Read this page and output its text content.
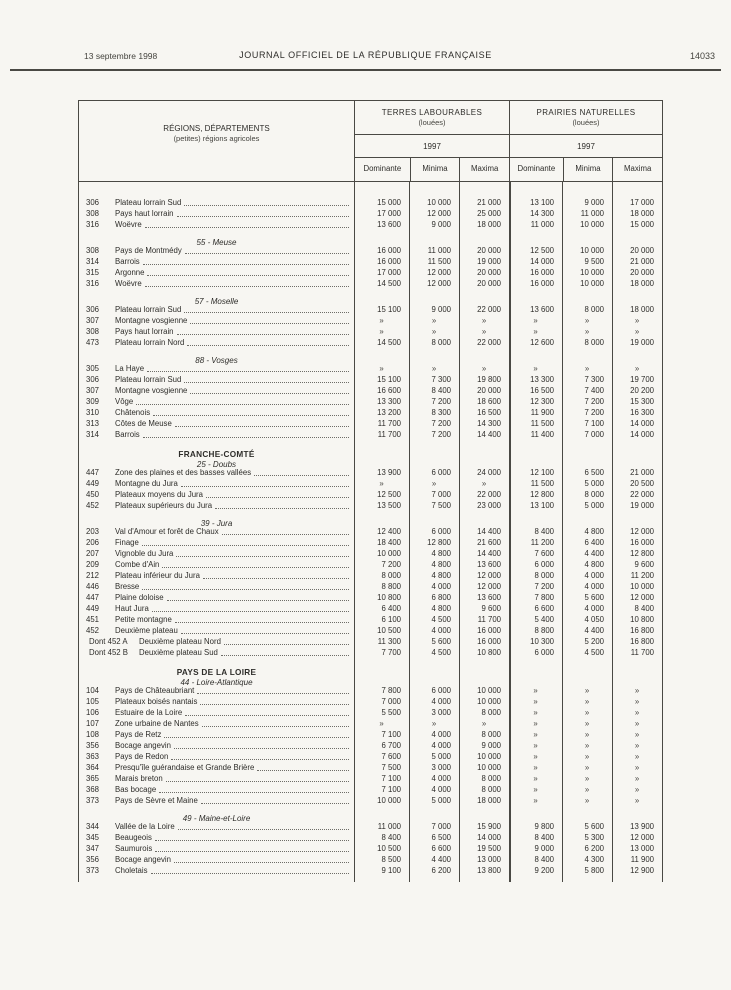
13 septembre 1998	JOURNAL OFFICIEL DE LA RÉPUBLIQUE FRANÇAISE	14033
RÉGIONS, DÉPARTEMENTS
(petites) régions agricoles
TERRES LABOURABLES
(louées)
1997
Dominante	Minima	Maxima
PRAIRIES NATURELLES
(louées)
1997
Dominante	Minima	Maxima
306	Plateau lorrain Sud	15 000	10 000	21 000	13 100	9 000	17 000
308	Pays haut lorrain	17 000	12 000	25 000	14 300	11 000	18 000
316	Woëvre	13 600	9 000	18 000	11 000	10 000	15 000
55 - Meuse
308	Pays de Montmédy	16 000	11 000	20 000	12 500	10 000	20 000
314	Barrois	16 000	11 500	19 000	14 000	9 500	21 000
315	Argonne	17 000	12 000	20 000	16 000	10 000	20 000
316	Woëvre	14 500	12 000	20 000	16 000	10 000	18 000
57 - Moselle
306	Plateau lorrain Sud	15 100	9 000	22 000	13 600	8 000	18 000
307	Montagne vosgienne	»	»	»	»	»	»
308	Pays haut lorrain	»	»	»	»	»	»
473	Plateau lorrain Nord	14 500	8 000	22 000	12 600	8 000	19 000
88 - Vosges
305	La Haye	»	»	»	»	»	»
306	Plateau lorrain Sud	15 100	7 300	19 800	13 300	7 300	19 700
307	Montagne vosgienne	16 600	8 400	20 000	16 500	7 400	20 200
309	Vôge	13 300	7 200	18 600	12 300	7 200	15 300
310	Châtenois	13 200	8 300	16 500	11 900	7 200	16 300
313	Côtes de Meuse	11 700	7 200	14 300	11 500	7 100	14 000
314	Barrois	11 700	7 200	14 400	11 400	7 000	14 000
FRANCHE-COMTÉ
25 - Doubs
447	Zone des plaines et des basses vallées	13 900	6 000	24 000	12 100	6 500	21 000
449	Montagne du Jura	»	»	»	11 500	5 000	20 500
450	Plateaux moyens du Jura	12 500	7 000	22 000	12 800	8 000	22 000
452	Plateaux supérieurs du Jura	13 500	7 500	23 000	13 100	5 000	19 000
39 - Jura
203	Val d'Amour et forêt de Chaux	12 400	6 000	14 400	8 400	4 800	12 000
206	Finage	18 400	12 800	21 600	11 200	6 400	16 000
207	Vignoble du Jura	10 000	4 800	14 400	7 600	4 400	12 800
209	Combe d'Ain	7 200	4 800	13 600	6 000	4 800	9 600
212	Plateau inférieur du Jura	8 000	4 800	12 000	8 000	4 000	11 200
446	Bresse	8 800	4 000	12 000	7 200	4 000	10 000
447	Plaine doloise	10 800	6 800	13 600	7 800	5 600	12 000
449	Haut Jura	6 400	4 800	9 600	6 600	4 000	8 400
451	Petite montagne	6 100	4 500	11 700	5 400	4 050	10 800
452	Deuxième plateau	10 500	4 000	16 000	8 800	4 400	16 800
Dont 452 A	Deuxième plateau Nord	11 300	5 600	16 000	10 300	5 200	16 800
Dont 452 B	Deuxième plateau Sud	7 700	4 500	10 800	6 000	4 500	11 700
PAYS DE LA LOIRE
44 - Loire-Atlantique
104	Pays de Châteaubriant	7 800	6 000	10 000	»	»	»
105	Plateaux boisés nantais	7 000	4 000	10 000	»	»	»
106	Estuaire de la Loire	5 500	3 000	8 000	»	»	»
107	Zone urbaine de Nantes	»	»	»	»	»	»
108	Pays de Retz	7 100	4 000	8 000	»	»	»
356	Bocage angevin	6 700	4 000	9 000	»	»	»
363	Pays de Redon	7 600	5 000	10 000	»	»	»
364	Presqu'île guérandaise et Grande Brière	7 500	3 000	10 000	»	»	»
365	Marais breton	7 100	4 000	8 000	»	»	»
368	Bas bocage	7 100	4 000	8 000	»	»	»
373	Pays de Sèvre et Maine	10 000	5 000	18 000	»	»	»
49 - Maine-et-Loire
344	Vallée de la Loire	11 000	7 000	15 900	9 800	5 600	13 900
345	Beaugeois	8 400	6 500	14 000	8 400	5 300	12 000
347	Saumurois	10 500	6 600	19 500	9 000	6 200	13 000
356	Bocage angevin	8 500	4 400	13 000	8 400	4 300	11 900
373	Choletais	9 100	6 200	13 800	9 200	5 800	12 900
